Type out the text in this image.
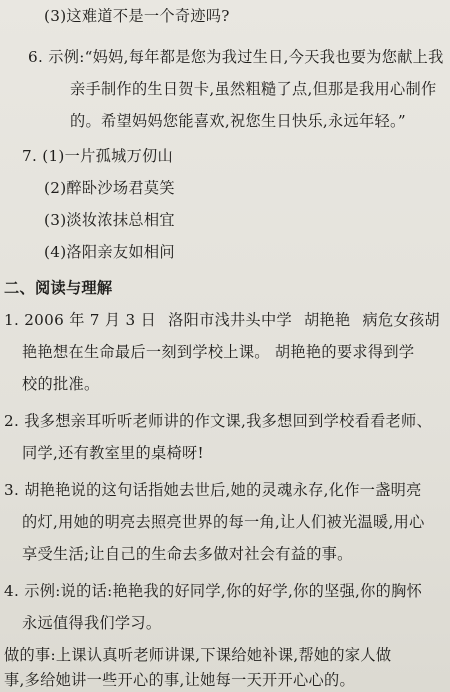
(3)这难道不是一个奇迹吗?
6. 示例:“妈妈,每年都是您为我过生日,今天我也要为您献上我
亲手制作的生日贺卡,虽然粗糙了点,但那是我用心制作
的。希望妈妈您能喜欢,祝您生日快乐,永远年轻。”
7. (1)一片孤城万仞山
(2)醉卧沙场君莫笑
(3)淡妆浓抹总相宜
(4)洛阳亲友如相问
二、阅读与理解
1. 2006 年 7 月 3 日 洛阳市浅井头中学 胡艳艳 病危女孩胡
艳艳想在生命最后一刻到学校上课。 胡艳艳的要求得到学
校的批准。
2. 我多想亲耳听听老师讲的作文课,我多想回到学校看看老师、
同学,还有教室里的桌椅呀!
3. 胡艳艳说的这句话指她去世后,她的灵魂永存,化作一盏明亮
的灯,用她的明亮去照亮世界的每一角,让人们被光温暖,用心
享受生活;让自己的生命去多做对社会有益的事。
4. 示例:说的话:艳艳我的好同学,你的好学,你的坚强,你的胸怀
永远值得我们学习。
做的事:上课认真听老师讲课,下课给她补课,帮她的家人做
事,多给她讲一些开心的事,让她每一天开开心心的。
